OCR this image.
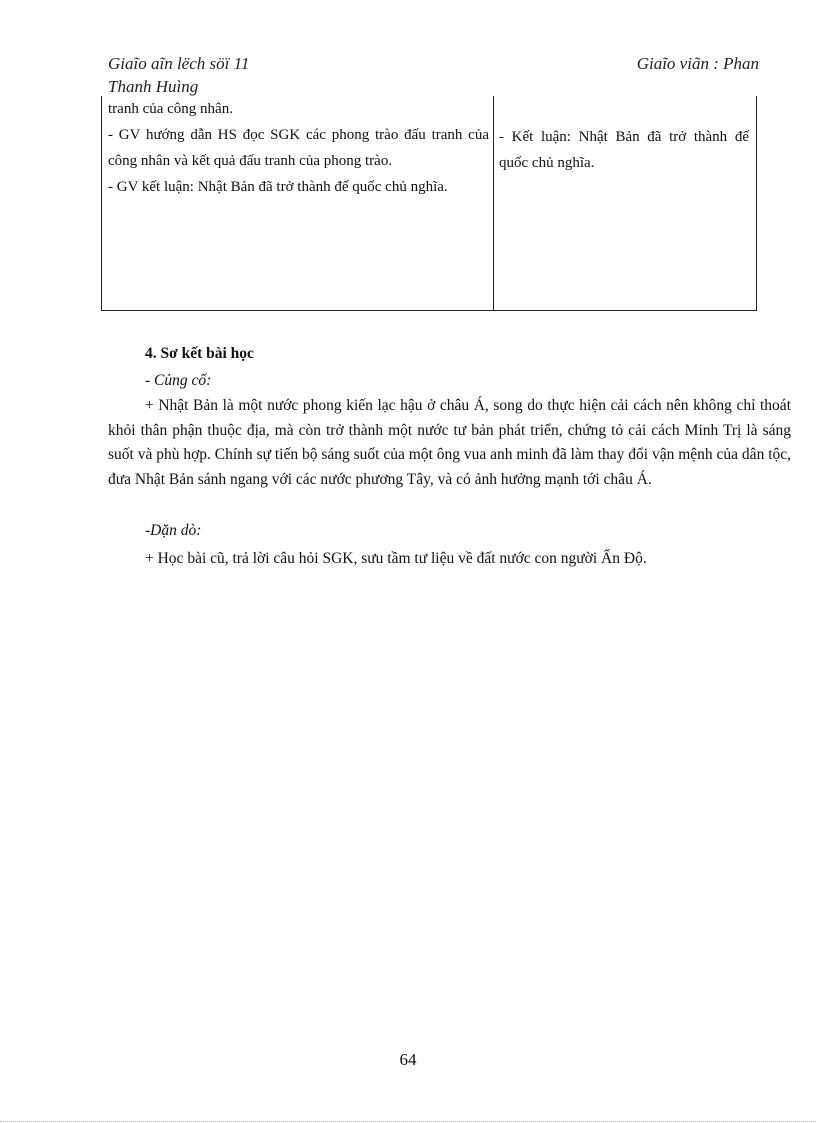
Giaĩo aĩn lëch söï 11	Giaĩo viãn : Phan
Thanh Huìng

tranh của công nhân.

- GV hướng dẫn HS đọc SGK các phong trào đấu tranh của công nhân và kết quả đấu tranh của phong trào.

- GV kết luận: Nhật Bản đã trở thành đế quốc chủ nghĩa.

- Kết luận: Nhật Bản đã trở thành đế quốc chủ nghĩa.

4. Sơ kết bài học
- Củng cố:

+ Nhật Bản là một nước phong kiến lạc hậu ở châu Á, song do thực hiện cải cách nên không chỉ thoát khỏi thân phận thuộc địa, mà còn trở thành một nước tư bản phát triển, chứng tỏ cải cách Minh Trị là sáng suốt và phù hợp. Chính sự tiến bộ sáng suốt của một ông vua anh minh đã làm thay đổi vận mệnh của dân tộc, đưa Nhật Bản sánh ngang với các nước phương Tây, và có ảnh hưởng mạnh tới châu Á.

-Dặn dò:
+ Học bài cũ, trả lời câu hỏi SGK, sưu tầm tư liệu về đất nước con người Ấn Độ.
64
